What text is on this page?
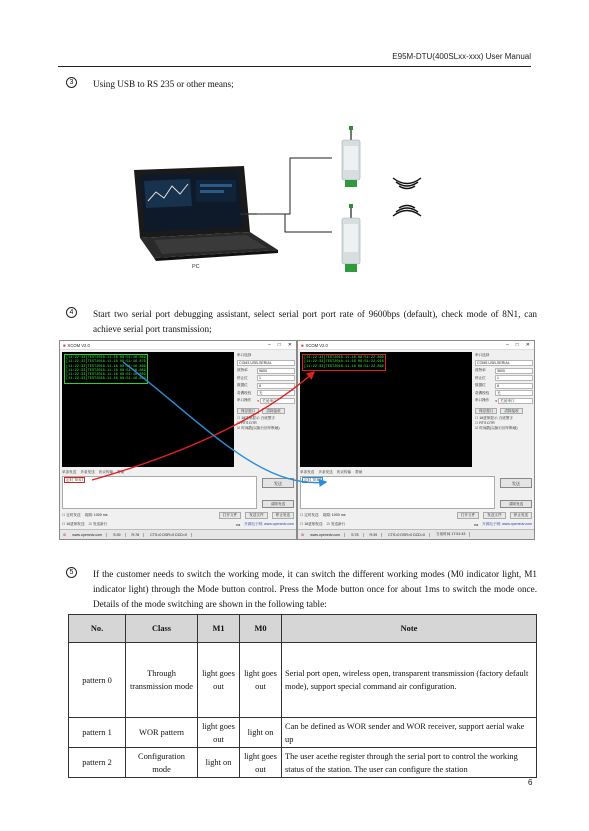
E95M-DTU(400SLxx-xxx) User Manual
3	Using USB to RS 235 or other means;
PC
4	Start two serial port debugging assistant, select serial port port rate of 9600bps (default), check mode of 8N1, can achieve serial port transmission;
■ XCOM V2.0	– □ ✕
[11:22:33]TEST2018-11-16 08:51:16.869
[11:22:33]TEST2018-11-16 08:51:16.870
[11:22:33]TEST2018-11-16 08:51:16.869
[11:22:33]TEST2018-11-16 08:51:16.869
[11:22:33]TEST2018-11-16 08:51:16.869
[11:22:33]TEST2018-11-16 08:51:16.869
串口选择
COM3 USB-SERIAL
波特率	9600
停止位	1
数据位	8
奇偶校验	无
串口操作	● 关闭串口
保存窗口	清除接收
☐ 16进制显示 白底黑字
☐ RTS DTR
☑ 时间戳(以换行回车断帧)
单条发送 多条发送 协议传输 帮助
定时 TEST
发送
清除发送
☐ 定时发送 周期: 1000 ms	打开文件	发送文件	停止发送
☐ 16进制发送 ☑ 发送新行	ea 开源电子网: www.openedv.com
⚙ www.openedv.com	S:39	R:78	CTS=0 DSR=0 DCD=0
■ XCOM V2.0	– □ ✕
[11:22:33]TEST2018-11-16 08:51:22.869
[11:22:33]TEST2018-11-16 08:51:22.916
[11:22:33]TEST2018-11-16 08:51:22.869
串口选择
COM5 USB-SERIAL
波特率	9600
停止位	1
数据位	8
奇偶校验	无
串口操作	● 关闭串口
保存窗口	清除接收
☐ 16进制显示 白底黑字
☐ RTS DTR
☑ 时间戳(以换行回车断帧)
单条发送 多条发送 协议传输 帮助
定时 TEST
发送
清除发送
☐ 定时发送 周期: 1000 ms	打开文件	发送文件	停止发送
☐ 16进制发送 ☑ 发送新行	ea 开源电子网: www.openedv.com
⚙ www.openedv.com	S:78	R:39	CTS=0 DSR=0 DCD=0	当前时间 17:51:43
5	If the customer needs to switch the working mode, it can switch the different working modes (M0 indicator light, M1 indicator light) through the Mode button control. Press the Mode button once for about 1ms to switch the mode once. Details of the mode switching are shown in the following table:
No.	Class	M1	M0	Note
pattern 0	Through transmission mode	light goes out	light goes out	Serial port open, wireless open, transparent transmission (factory default mode), support special command air configuration.
pattern 1	WOR pattern	light goes out	light on	Can be defined as WOR sender and WOR receiver, support aerial wake up
pattern 2	Configuration mode	light on	light goes out	The user acethe register through the serial port to control the working status of the station. The user can configure the station
6
